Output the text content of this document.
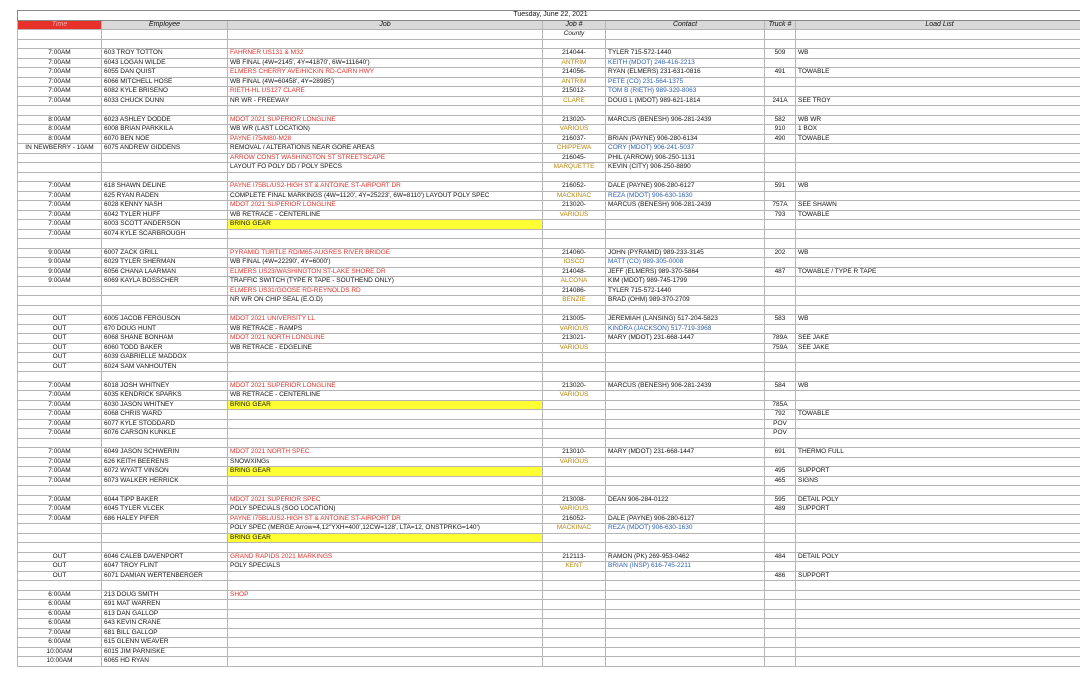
Tuesday, June 22, 2021						
Time	Employee	Job	Job #	Contact	Truck #	Load List
			County			

7:00AM	603 TROY TOTTON	FAHRNER US131 & M32	214044-	TYLER 715-572-1440	509	WB
7:00AM	6043 LOGAN WILDE	WB FINAL (4W=2145', 4Y=41870', 6W=111640')	ANTRIM	KEITH (MDOT) 248-416-2213		
7:00AM	6055 DAN QUIST	ELMERS CHERRY AVE/HICKIN RD-CAIRN HWY	214056-	RYAN (ELMERS) 231-631-0816	491	TOWABLE
7:00AM	6066 MITCHELL HOSE	WB FINAL (4W=60458', 4Y=28985')	ANTRIM	PETE (CO) 231-564-1375		
7:00AM	6082 KYLE BRISENO	RIETH-HL US127 CLARE	215012-	TOM B (RIETH) 989-329-8063		
7:00AM	6033 CHUCK DUNN	NR WR - FREEWAY	CLARE	DOUG L (MDOT) 989-621-1814	241A	SEE TROY

8:00AM	6023 ASHLEY DODDE	MDOT 2021 SUPERIOR LONGLINE	213020-	MARCUS (BENESH) 906-281-2439	582	WB WR
8:00AM	6008 BRIAN PARKKILA	WB WR (LAST LOCATION)	VARIOUS		910	1 BOX
8:00AM	6070 BEN NOE	PAYNE I75/M80-M28	216037-	BRIAN (PAYNE) 906-280-6134	490	TOWABLE
IN NEWBERRY - 10AM	6075 ANDREW GIDDENS	REMOVAL / ALTERATIONS NEAR GORE AREAS	CHIPPEWA	CORY (MDOT) 906-241-5037		
		ARROW CONST WASHINGTON ST STREETSCAPE	216045-	PHIL (ARROW) 906-250-1131		
		LAYOUT FO POLY DD / POLY SPECS	MARQUETTE	KEVIN (CITY) 906-250-8890		

7:00AM	618 SHAWN DELINE	PAYNE I75BL/US2-HIGH ST & ANTOINE ST-AIRPORT DR	216052-	DALE (PAYNE) 906-280-6127	591	WB
7:00AM	625 RYAN RADEN	COMPLETE FINAL MARKINGS (4W=1120', 4Y=25223', 6W=8110') LAYOUT POLY SPEC	MACKINAC	REZA (MDOT) 906-630-1630		
7:00AM	6028 KENNY NASH	MDOT 2021 SUPERIOR LONGLINE	213020-	MARCUS (BENESH) 906-281-2439	757A	SEE SHAWN
7:00AM	6042 TYLER HUFF	WB RETRACE - CENTERLINE	VARIOUS		793	TOWABLE
7:00AM	6003 SCOTT ANDERSON	BRING GEAR				
7:00AM	6074 KYLE SCARBROUGH					

9:00AM	6007 ZACK GRILL	PYRAMID TURTLE RD/M65-AUGRES RIVER BRIDGE	214060-	JOHN (PYRAMID) 989-233-3145	202	WB
9:00AM	6029 TYLER SHERMAN	WB FINAL (4W=22290', 4Y=6000')	IOSCO	MATT (CO) 989-305-0008		
9:00AM	6056 CHANA LAARMAN	ELMERS US23/WASHINGTON ST-LAKE SHORE DR	214048-	JEFF (ELMERS) 989-370-5864	487	TOWABLE / TYPE R TAPE
9:00AM	6069 KAYLA BOSSCHER	TRAFFIC SWITCH (TYPE R TAPE - SOUTHEND ONLY)	ALCONA	KIM (MDOT) 989-745-1799		
		ELMERS US31/GOOSE RD-REYNOLDS RD	214086-	TYLER 715-572-1440		
		NR WR ON CHIP SEAL (E.O.D)	BENZIE	BRAD (OHM) 989-370-2709		

OUT	6005 JACOB FERGUSON	MDOT 2021 UNIVERSITY LL	213005-	JEREMIAH (LANSING) 517-204-5823	583	WB
OUT	670 DOUG HUNT	WB RETRACE - RAMPS	VARIOUS	KINDRA (JACKSON) 517-719-3968		
OUT	6068 SHANE BONHAM	MDOT 2021 NORTH LONGLINE	213021-	MARY (MDOT) 231-668-1447	789A	SEE JAKE
OUT	6060 TODD BAKER	WB RETRACE - EDGELINE	VARIOUS		759A	SEE JAKE
OUT	6039 GABRIELLE MADDOX					
OUT	6024 SAM VANHOUTEN					

7:00AM	6018 JOSH WHITNEY	MDOT 2021 SUPERIOR LONGLINE	213020-	MARCUS (BENESH) 906-281-2439	584	WB
7:00AM	6035 KENDRICK SPARKS	WB RETRACE - CENTERLINE	VARIOUS			
7:00AM	6030 JASON WHITNEY	BRING GEAR			785A	
7:00AM	6068 CHRIS WARD				792	TOWABLE
7:00AM	6077 KYLE STODDARD				POV	
7:00AM	6076 CARSON KUNKLE				POV	

7:00AM	6049 JASON SCHWERIN	MDOT 2021 NORTH SPEC	213010-	MARY (MDOT) 231-668-1447	691	THERMO FULL
7:00AM	626 KEITH BEERENS	SNOWXINGs	VARIOUS			
7:00AM	6072 WYATT VINSON	BRING GEAR			495	SUPPORT
7:00AM	6073 WALKER HERRICK				465	SIGNS

7:00AM	6044 TIPP BAKER	MDOT 2021 SUPERIOR SPEC	213008-	DEAN 906-284-0122	595	DETAIL POLY
7:00AM	6045 TYLER VLCEK	POLY SPECIALS (SOO LOCATION)	VARIOUS		489	SUPPORT
7:00AM	686 HALEY PIFER	PAYNE I75BL/US2-HIGH ST & ANTOINE ST-AIRPORT DR	216052-	DALE (PAYNE) 906-280-6127		
		POLY SPEC (MERGE Arrow=4,12"YXH=400',12CW=128', LTA=12, ONSTPRKG=140')	MACKINAC	REZA (MDOT) 906-630-1630		
		BRING GEAR				

OUT	6046 CALEB DAVENPORT	GRAND RAPIDS 2021 MARKINGS	212113-	RAMON (PK) 269-953-0462	484	DETAIL POLY
OUT	6047 TROY FLINT	POLY SPECIALS	KENT	BRIAN (INSP) 616-745-2211		
OUT	6071 DAMIAN WERTENBERGER				486	SUPPORT

6:00AM	213 DOUG SMITH	SHOP				
6:00AM	691 MAT WARREN					
6:00AM	613 DAN GALLOP					
6:00AM	643 KEVIN CRANE					
7:00AM	681 BILL GALLOP					
6:00AM	615 GLENN WEAVER					
10:00AM	6015 JIM PARNISKE					
10:00AM	6065 HD RYAN					
